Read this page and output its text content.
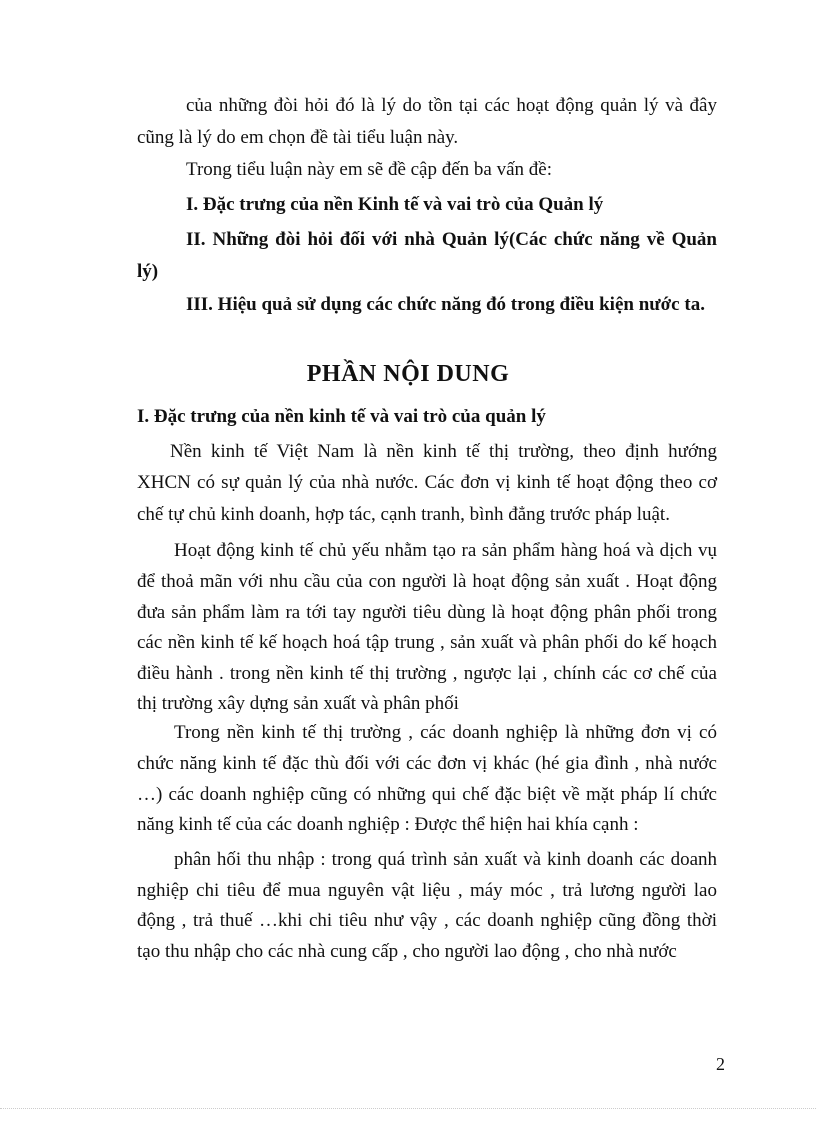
của những đòi hỏi đó là lý do tồn tại các hoạt động quản lý và đây
cũng là lý do em chọn đề tài tiểu luận này.
Trong tiểu luận này em sẽ đề cập đến ba vấn đề:
I. Đặc trưng của nền Kinh tế và vai trò của Quản lý
II. Những đòi hỏi đối với nhà Quản lý(Các chức năng về Quản
lý)
III. Hiệu quả sử dụng các chức năng đó trong điều kiện nước ta.
PHẦN NỘI DUNG
I. Đặc trưng của nền kinh tế và vai trò của quản lý
Nền kinh tế Việt Nam là nền kinh tế thị trường, theo định hướng
XHCN có sự quản lý của nhà nước. Các đơn vị kinh tế hoạt động theo cơ
chế tự chủ kinh doanh, hợp tác, cạnh tranh, bình đẳng trước pháp luật.
Hoạt động kinh tế chủ yếu nhằm tạo ra sản phẩm hàng hoá và dịch vụ
để thoả mãn với nhu cầu của con người là hoạt động sản xuất . Hoạt động
đưa sản phẩm làm ra tới tay người tiêu dùng là hoạt động phân phối trong
các nền kinh tế kế hoạch hoá tập trung , sản xuất và phân phối do kế hoạch
điều hành . trong nền kinh tế thị trường , ngược lại , chính các cơ chế của
thị trường xây dựng sản xuất và phân phối
Trong nền kinh tế thị trường , các doanh nghiệp là những đơn vị có
chức năng kinh tế đặc thù đối với các đơn vị khác (hé gia đình , nhà nước
…) các doanh nghiệp cũng có những qui chế đặc biệt về mặt pháp lí chức
năng kinh tế của các doanh nghiệp : Được thể hiện hai khía cạnh :
phân hối thu nhập : trong quá trình sản xuất và kinh doanh các doanh
nghiệp chi tiêu để mua nguyên vật liệu , máy móc , trả lương người lao
động , trả thuế …khi chi tiêu như vậy , các doanh nghiệp cũng đồng thời
tạo thu nhập cho các nhà cung cấp , cho người lao động , cho nhà nước
2
